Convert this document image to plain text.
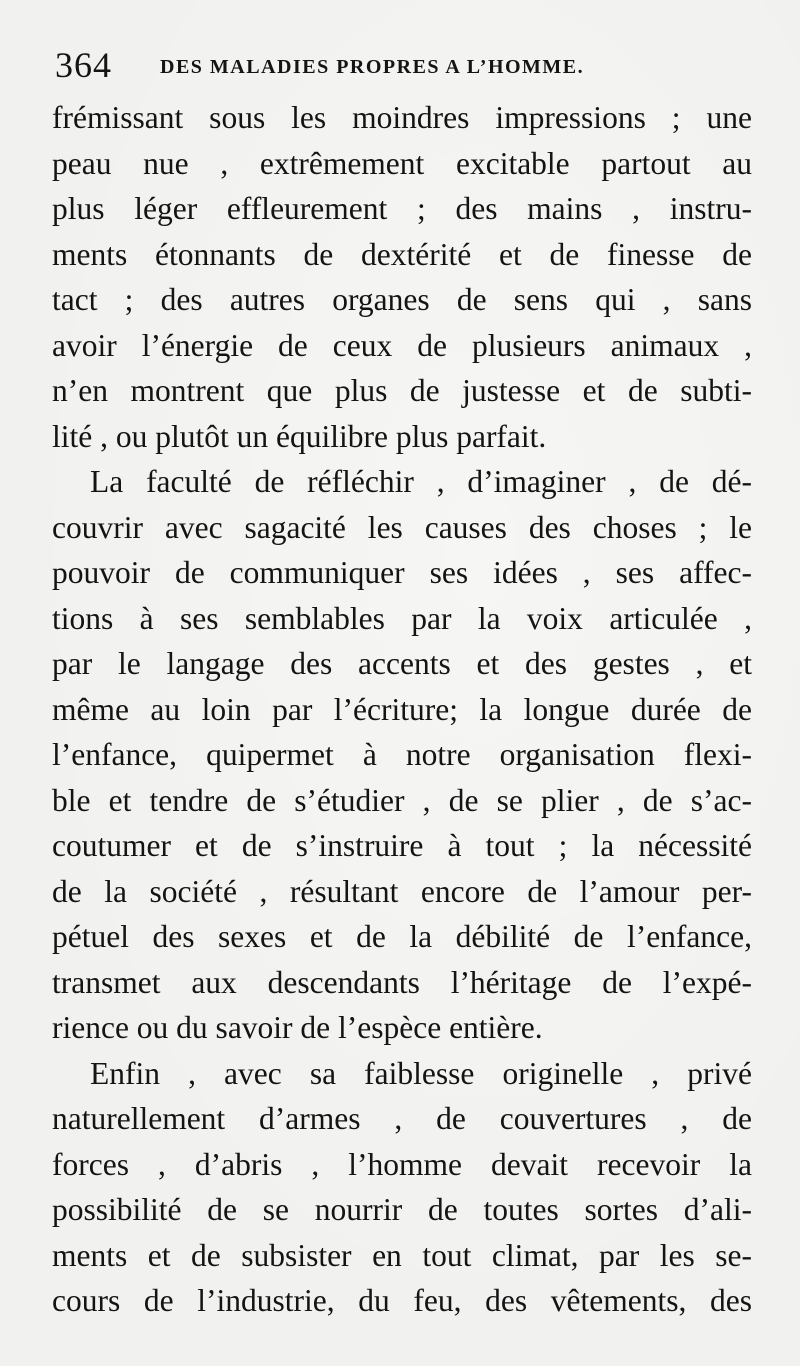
364 DES MALADIES PROPRES A L’HOMME.
frémissant sous les moindres impressions ; une
peau nue , extrêmement excitable partout au
plus léger effleurement ; des mains , instru-
ments étonnants de dextérité et de finesse de
tact ; des autres organes de sens qui , sans
avoir l’énergie de ceux de plusieurs animaux ,
n’en montrent que plus de justesse et de subti-
lité , ou plutôt un équilibre plus parfait.
La faculté de réfléchir , d’imaginer , de dé-
couvrir avec sagacité les causes des choses ; le
pouvoir de communiquer ses idées , ses affec-
tions à ses semblables par la voix articulée ,
par le langage des accents et des gestes , et
même au loin par l’écriture; la longue durée de
l’enfance, quipermet à notre organisation flexi-
ble et tendre de s’étudier , de se plier , de s’ac-
coutumer et de s’instruire à tout ; la nécessité
de la société , résultant encore de l’amour per-
pétuel des sexes et de la débilité de l’enfance,
transmet aux descendants l’héritage de l’expé-
rience ou du savoir de l’espèce entière.
Enfin , avec sa faiblesse originelle , privé
naturellement d’armes , de couvertures , de
forces , d’abris , l’homme devait recevoir la
possibilité de se nourrir de toutes sortes d’ali-
ments et de subsister en tout climat, par les se-
cours de l’industrie, du feu, des vêtements, des
